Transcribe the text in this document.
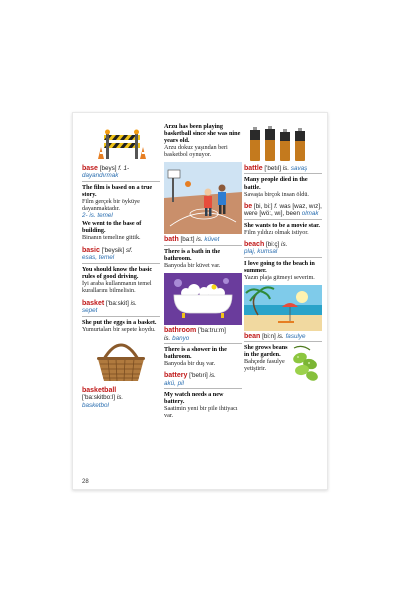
base [beys] f. 1-
dayandırmak
The film is based on a true story.
Film gerçek bir öyküye dayanmaktadır.
2- is. temel
We went to the base of building.
Binanın temeline gittik.
basic ['beysik] sf.
esas, temel
You should know the basic rules of good driving.
İyi araba kullanmanın temel kurallarını bilmelisin.
basket ['ba:skit] is.
sepet
She put the eggs in a basket.
Yumurtaları bir sepete koydu.
basketball
['ba:skitbo:l] is.
basketbol
Arzu has been playing basketball since she was nine years old.
Arzu dokuz yaşından beri basketbol oynuyor.
bath [ba:t] is. küvet
There is a bath in the bathroom.
Banyoda bir küvet var.
bathroom ['ba:tru:m]
is. banyo
There is a shower in the bathroom.
Banyoda bir duş var.
battery ['betıri] is.
akü, pil
My watch needs a new battery.
Saatimin yeni bir pile ihtiyacı var.
battle ['betıl] is. savaş
Many people died in the battle.
Savaşta birçok insan öldü.
be [bi, bi:] f. was [waz, wız], were [wö:, wı], been olmak
She wants to be a movie star.
Film yıldızı olmak istiyor.
beach [bi:ç] is.
plaj, kumsal
I love going to the beach in summer.
Yazın plaja gitmeyi severim.
bean [bi:n] is. fasulye
She grows beans in the garden.
Bahçede fasulye yetiştirir.
28
